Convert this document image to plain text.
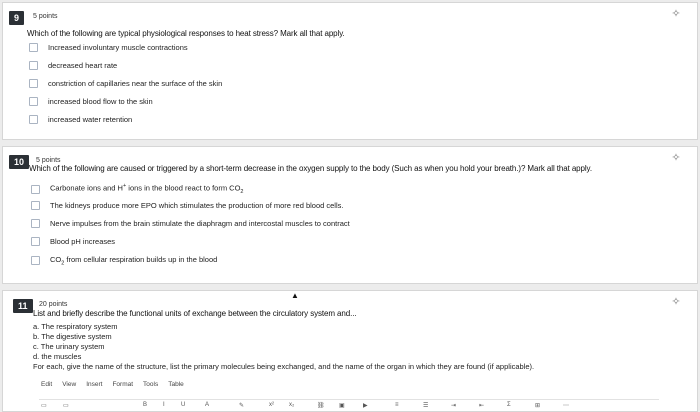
9	5 points
Which of the following are typical physiological responses to heat stress? Mark all that apply.
✧
Increased involuntary muscle contractions
decreased heart rate
constriction of capillaries near the surface of the skin
increased blood flow to the skin
increased water retention
10	5 points
Which of the following are caused or triggered by a short-term decrease in the oxygen supply to the body (Such as when you hold your breath.)? Mark all that apply.
✧
Carbonate ions and H+ ions in the blood react to form $CO_2$
The kidneys produce more EPO which stimulates the production of more red blood cells.
Nerve impulses from the brain stimulate the diaphragm and intercostal muscles to contract
Blood pH increases
$CO_2$ from cellular respiration builds up in the blood
11	20 points
List and briefly describe the functional units of exchange between the circulatory system and...
✧
▲
a. The respiratory system
b. The digestive system
c. The urinary system
d. the muscles
For each, give the name of the structure, list the primary molecules being exchanged, and the name of the organ in which they are found (if applicable).
Edit View Insert Format Tools Table
▭	▭	B	I	U	A	✎	x²	x₂	⛓ ▣	▶	≡	☰	⇥	⇤	Σ	⊞	⋯
